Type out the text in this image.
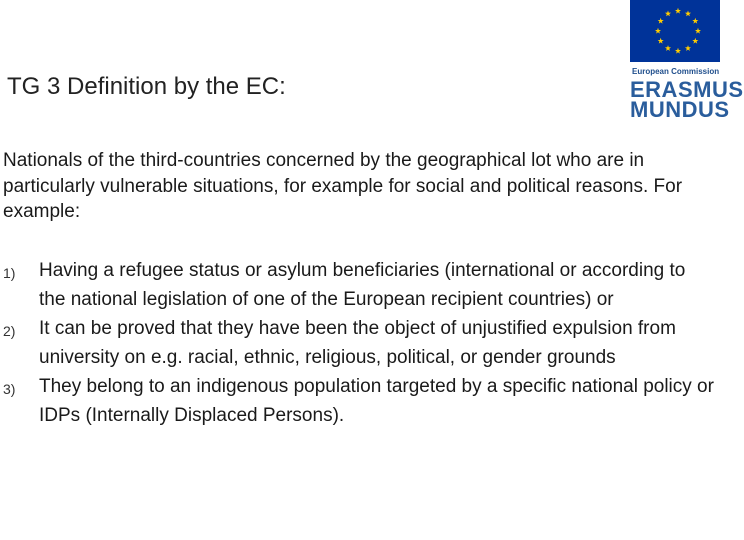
TG 3 Definition by the EC:
European Commission
ERASMUS
MUNDUS
Nationals of the third-countries concerned by the geographical lot who are in particularly vulnerable situations, for example for social and political reasons. For example:
1) Having a refugee status or asylum beneficiaries (international or according to the national legislation of one of the European recipient countries) or
2) It can be proved that they have been the object of unjustified expulsion from university on e.g. racial, ethnic, religious, political, or gender grounds
3) They belong to an indigenous population targeted by a specific national policy or IDPs (Internally Displaced Persons).
